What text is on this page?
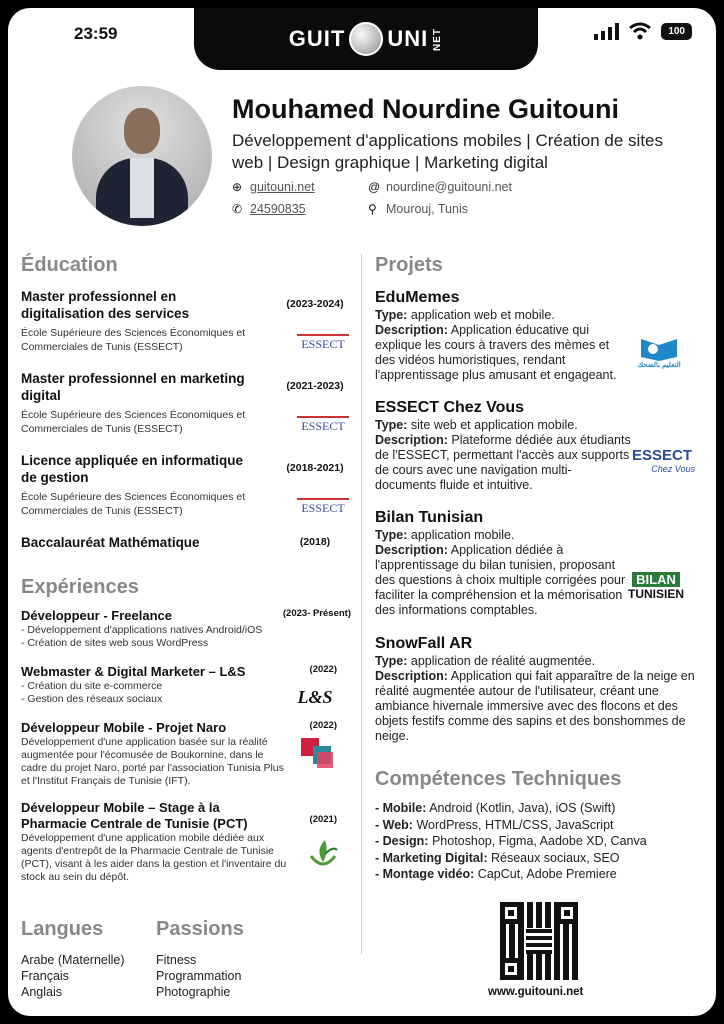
23:59	GUIT UNI NET	100
Mouhamed Nourdine Guitouni
Développement d'applications mobiles | Création de sites web | Design graphique | Marketing digital
⊕ guitouni.net	@ nourdine@guitouni.net
✆ 24590835	⚲ Mourouj, Tunis
Éducation
Master professionnel en digitalisation des services
(2023-2024)
École Supérieure des Sciences Économiques et Commerciales de Tunis (ESSECT)	ESSECT
Master professionnel en marketing digital
(2021-2023)
École Supérieure des Sciences Économiques et Commerciales de Tunis (ESSECT)	ESSECT
Licence appliquée en informatique de gestion
(2018-2021)
École Supérieure des Sciences Économiques et Commerciales de Tunis (ESSECT)	ESSECT
Baccalauréat Mathématique	(2018)
Expériences
Développeur - Freelance	(2023- Présent)
- Développement d'applications natives Android/iOS
- Création de sites web sous WordPress
Webmaster & Digital Marketer – L&S	(2022)
- Création du site e-commerce
- Gestion des réseaux sociaux	L&S
Développeur Mobile - Projet Naro	(2022)
Développement d'une application basée sur la réalité augmentée pour l'écomusée de Boukornine, dans le cadre du projet Naro, porté par l'association Tunisia Plus et l'Institut Français de Tunisie (IFT).
Développeur Mobile – Stage à la Pharmacie Centrale de Tunisie (PCT)	(2021)
Développement d'une application mobile dédiée aux agents d'entrepôt de la Pharmacie Centrale de Tunisie (PCT), visant à les aider dans la gestion et l'inventaire du stock au sein du dépôt.
Langues
Arabe (Maternelle)
Français
Anglais
Passions
Fitness
Programmation
Photographie
Projets
EduMemes
Type: application web et mobile.
Description: Application éducative qui explique les cours à travers des mèmes et des vidéos humoristiques, rendant l'apprentissage plus amusant et engageant.
التعليم بالضحك
ESSECT Chez Vous
Type: site web et application mobile.
Description: Plateforme dédiée aux étudiants de l'ESSECT, permettant l'accès aux supports de cours avec une navigation multi-documents fluide et intuitive.
ESSECT
Chez Vous
Bilan Tunisian
Type: application mobile.
Description: Application dédiée à l'apprentissage du bilan tunisien, proposant des questions à choix multiple corrigées pour faciliter la compréhension et la mémorisation des informations comptables.
BILAN
TUNISIEN
SnowFall AR
Type: application de réalité augmentée.
Description: Application qui fait apparaître de la neige en réalité augmentée autour de l'utilisateur, créant une ambiance hivernale immersive avec des flocons et des objets festifs comme des sapins et des bonshommes de neige.
Compétences Techniques
- Mobile: Android (Kotlin, Java), iOS (Swift)
- Web: WordPress, HTML/CSS, JavaScript
- Design: Photoshop, Figma, Aadobe XD, Canva
- Marketing Digital: Réseaux sociaux, SEO
- Montage vidéo: CapCut, Adobe Premiere
www.guitouni.net
